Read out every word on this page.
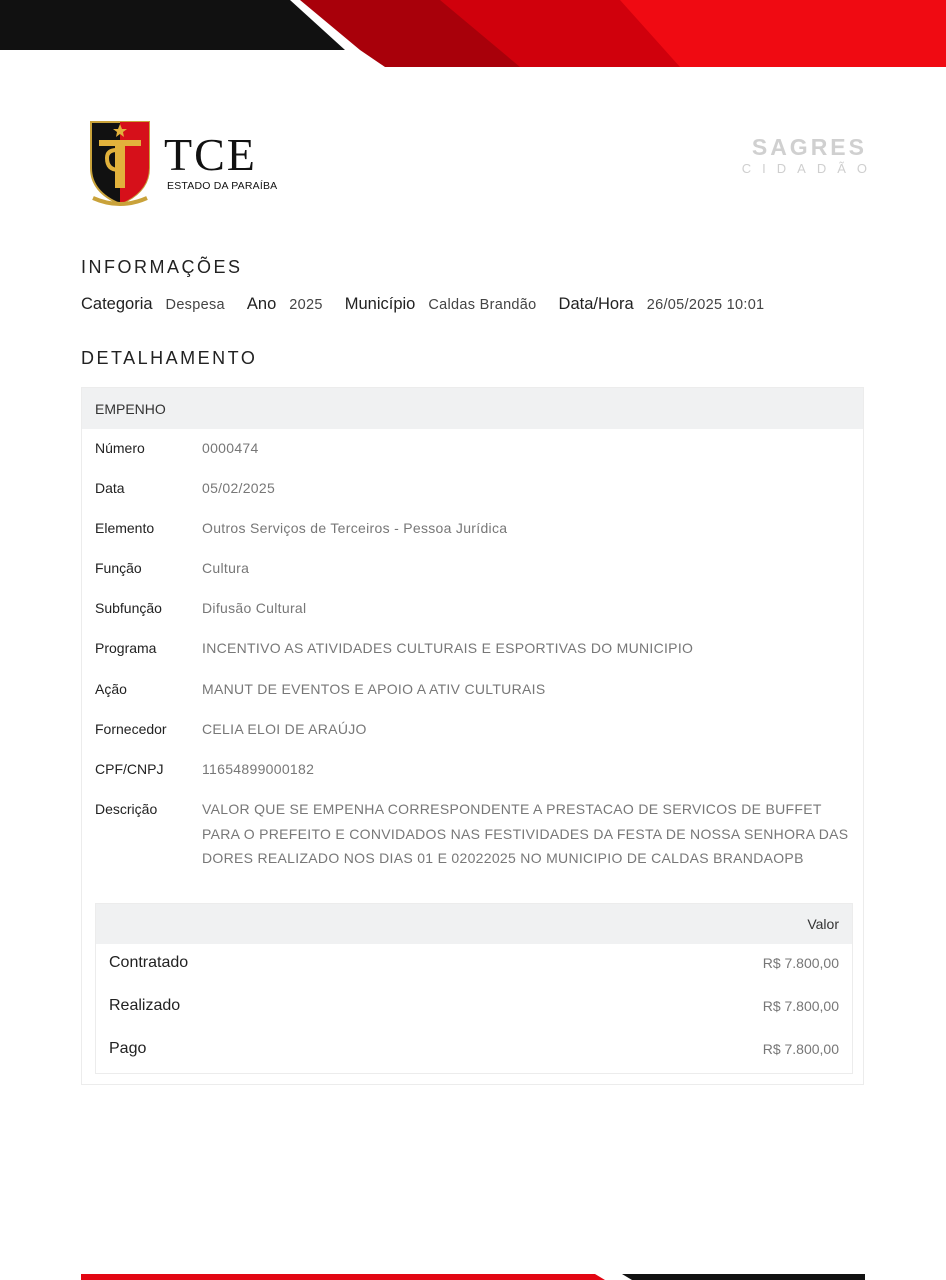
TCE
ESTADO DA PARAÍBA
SAGRES
CIDADÃO
INFORMAÇÕES
Categoria Despesa Ano 2025 Município Caldas Brandão Data/Hora 26/05/2025 10:01
DETALHAMENTO
EMPENHO
Número	0000474
Data	05/02/2025
Elemento	Outros Serviços de Terceiros - Pessoa Jurídica
Função	Cultura
Subfunção	Difusão Cultural
Programa	INCENTIVO AS ATIVIDADES CULTURAIS E ESPORTIVAS DO MUNICIPIO
Ação	MANUT DE EVENTOS E APOIO A ATIV CULTURAIS
Fornecedor	CELIA ELOI DE ARAÚJO
CPF/CNPJ	11654899000182
Descrição	VALOR QUE SE EMPENHA CORRESPONDENTE A PRESTACAO DE SERVICOS DE BUFFET PARA O PREFEITO E CONVIDADOS NAS FESTIVIDADES DA FESTA DE NOSSA SENHORA DAS DORES REALIZADO NOS DIAS 01 E 02022025 NO MUNICIPIO DE CALDAS BRANDAOPB
Valor
Contratado	R$ 7.800,00
Realizado	R$ 7.800,00
Pago	R$ 7.800,00
